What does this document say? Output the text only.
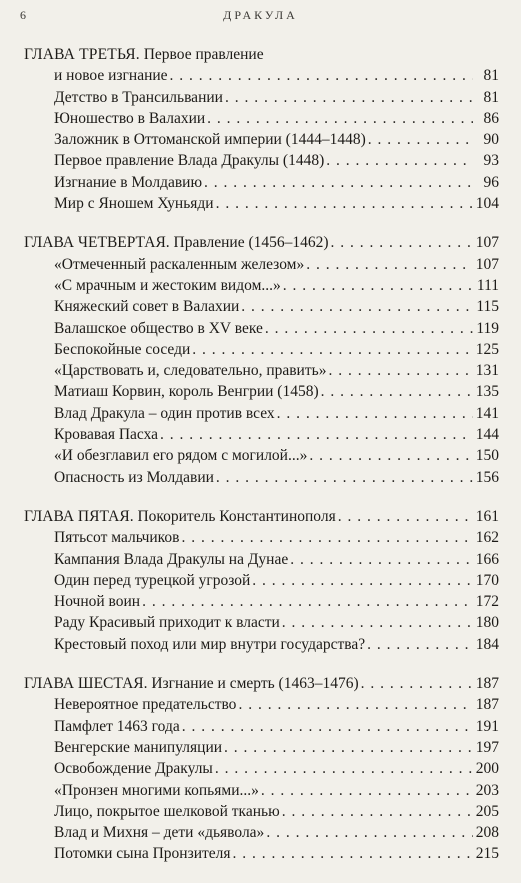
6	ДРАКУЛА
ГЛАВА ТРЕТЬЯ. Первое правление
и новое изгнание . . .	81
Детство в Трансильвании . . .	81
Юношество в Валахии . . .	86
Заложник в Оттоманской империи (1444–1448) . . .	90
Первое правление Влада Дракулы (1448) . . .	93
Изгнание в Молдавию . . .	96
Мир с Яношем Хуньяди . . .	104
ГЛАВА ЧЕТВЕРТАЯ. Правление (1456–1462) . . .	107
«Отмеченный раскаленным железом» . . .	107
«С мрачным и жестоким видом...» . . .	111
Княжеский совет в Валахии . . .	115
Валашское общество в XV веке . . .	119
Беспокойные соседи . . .	125
«Царствовать и, следовательно, править» . . .	131
Матиаш Корвин, король Венгрии (1458) . . .	135
Влад Дракула – один против всех . . .	141
Кровавая Пасха . . .	144
«И обезглавил его рядом с могилой...» . . .	150
Опасность из Молдавии . . .	156
ГЛАВА ПЯТАЯ. Покоритель Константинополя . . .	161
Пятьсот мальчиков . . .	162
Кампания Влада Дракулы на Дунае . . .	166
Один перед турецкой угрозой . . .	170
Ночной воин . . .	172
Раду Красивый приходит к власти . . .	180
Крестовый поход или мир внутри государства? . . .	184
ГЛАВА ШЕСТАЯ. Изгнание и смерть (1463–1476) . . .	187
Невероятное предательство . . .	187
Памфлет 1463 года . . .	191
Венгерские манипуляции . . .	197
Освобождение Дракулы . . .	200
«Пронзен многими копьями...» . . .	203
Лицо, покрытое шелковой тканью . . .	205
Влад и Михня – дети «дьявола» . . .	208
Потомки сына Пронзителя . . .	215
